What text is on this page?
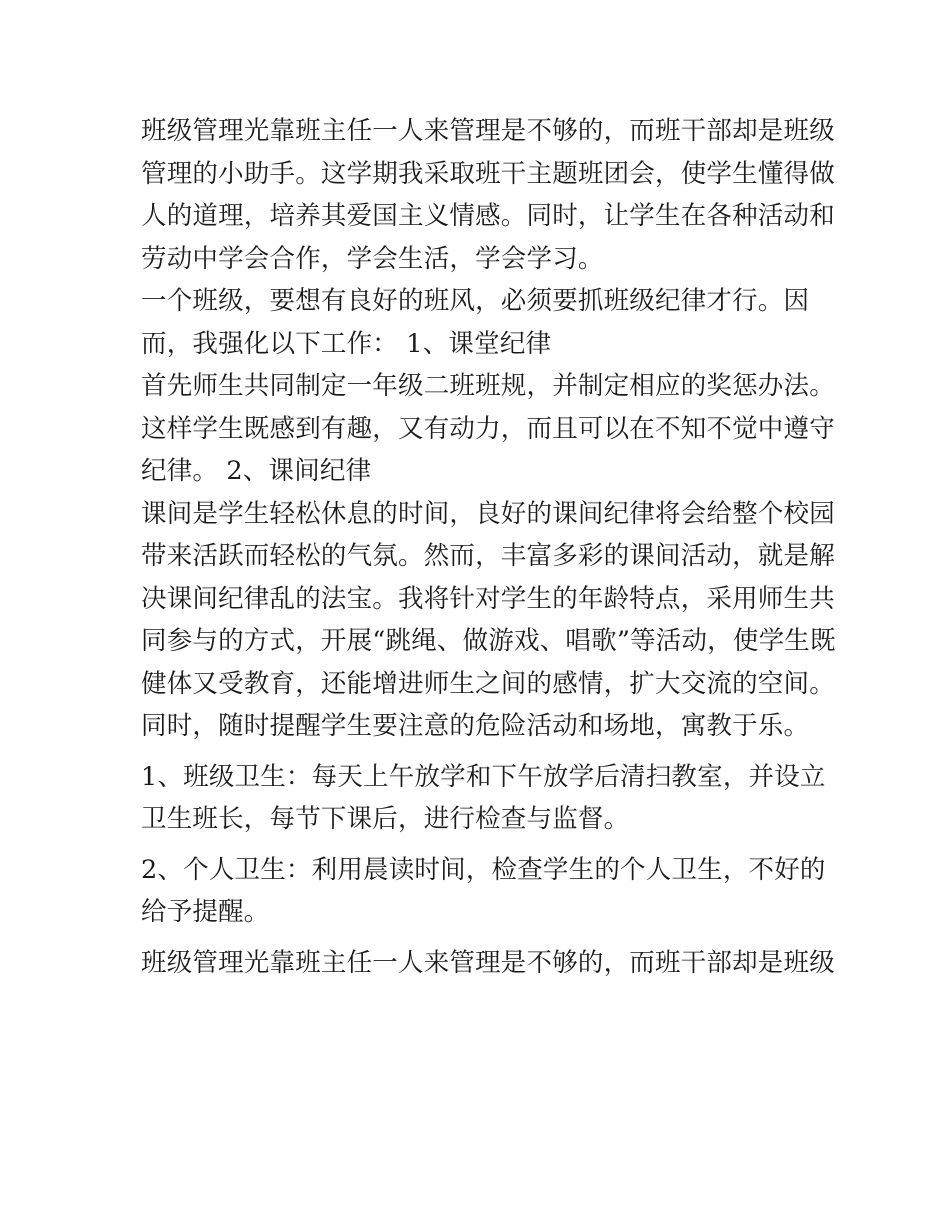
班级管理光靠班主任一人来管理是不够的，而班干部却是班级
管理的小助手。这学期我采取班干主题班团会，使学生懂得做
人的道理，培养其爱国主义情感。同时，让学生在各种活动和
劳动中学会合作，学会生活，学会学习。

一个班级，要想有良好的班风，必须要抓班级纪律才行。因
而，我强化以下工作： 1、课堂纪律

首先师生共同制定一年级二班班规，并制定相应的奖惩办法。
这样学生既感到有趣，又有动力，而且可以在不知不觉中遵守
纪律。 2、课间纪律

课间是学生轻松休息的时间，良好的课间纪律将会给整个校园
带来活跃而轻松的气氛。然而，丰富多彩的课间活动，就是解
决课间纪律乱的法宝。我将针对学生的年龄特点，采用师生共
同参与的方式，开展“跳绳、做游戏、唱歌”等活动，使学生既
健体又受教育，还能增进师生之间的感情，扩大交流的空间。
同时，随时提醒学生要注意的危险活动和场地，寓教于乐。

1、班级卫生：每天上午放学和下午放学后清扫教室，并设立
卫生班长，每节下课后，进行检查与监督。

2、个人卫生：利用晨读时间，检查学生的个人卫生，不好的
给予提醒。

班级管理光靠班主任一人来管理是不够的，而班干部却是班级
